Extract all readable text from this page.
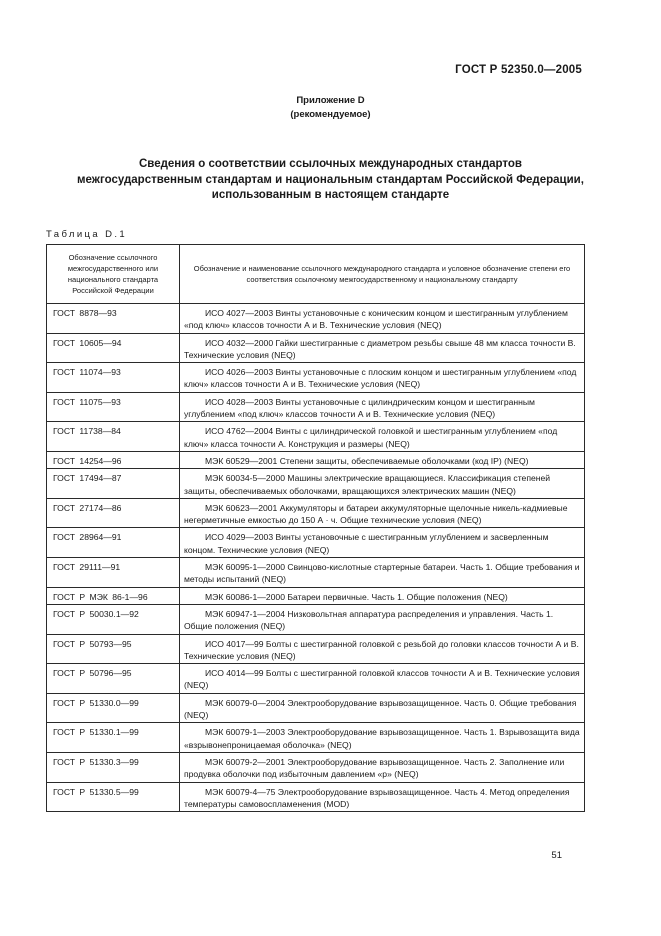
ГОСТ Р 52350.0—2005
Приложение D
(рекомендуемое)
Сведения о соответствии ссылочных международных стандартов
межгосударственным стандартам и национальным стандартам Российской Федерации,
использованным в настоящем стандарте
Таблица D.1
Обозначение ссылочного межгосударственного или национального стандарта Российской Федерации	Обозначение и наименование ссылочного международного стандарта и условное обозначение степени его соответствия ссылочному межгосударственному и национальному стандарту
ГОСТ 8878—93	ИСО 4027—2003 Винты установочные с коническим концом и шестигранным углублением «под ключ» классов точности А и В. Технические условия (NEQ)
ГОСТ 10605—94	ИСО 4032—2000 Гайки шестигранные с диаметром резьбы свыше 48 мм класса точности В. Технические условия (NEQ)
ГОСТ 11074—93	ИСО 4026—2003 Винты установочные с плоским концом и шестигранным углублением «под ключ» классов точности А и В. Технические условия (NEQ)
ГОСТ 11075—93	ИСО 4028—2003 Винты установочные с цилиндрическим концом и шестигранным углублением «под ключ» классов точности А и В. Технические условия (NEQ)
ГОСТ 11738—84	ИСО 4762—2004 Винты с цилиндрической головкой и шестигранным углублением «под ключ» класса точности А. Конструкция и размеры (NEQ)
ГОСТ 14254—96	МЭК 60529—2001 Степени защиты, обеспечиваемые оболочками (код IP) (NEQ)
ГОСТ 17494—87	МЭК 60034-5—2000 Машины электрические вращающиеся. Классификация степеней защиты, обеспечиваемых оболочками, вращающихся электрических машин (NEQ)
ГОСТ 27174—86	МЭК 60623—2001 Аккумуляторы и батареи аккумуляторные щелочные никель-кадмиевые негерметичные емкостью до 150 А · ч. Общие технические условия (NEQ)
ГОСТ 28964—91	ИСО 4029—2003 Винты установочные с шестигранным углублением и засверленным концом. Технические условия (NEQ)
ГОСТ 29111—91	МЭК 60095-1—2000 Свинцово-кислотные стартерные батареи. Часть 1. Общие требования и методы испытаний (NEQ)
ГОСТ Р МЭК 86-1—96	МЭК 60086-1—2000 Батареи первичные. Часть 1. Общие положения (NEQ)
ГОСТ Р 50030.1—92	МЭК 60947-1—2004 Низковольтная аппаратура распределения и управления. Часть 1. Общие положения (NEQ)
ГОСТ Р 50793—95	ИСО 4017—99 Болты с шестигранной головкой с резьбой до головки классов точности А и В. Технические условия (NEQ)
ГОСТ Р 50796—95	ИСО 4014—99 Болты с шестигранной головкой классов точности А и В. Технические условия (NEQ)
ГОСТ Р 51330.0—99	МЭК 60079-0—2004 Электрооборудование взрывозащищенное. Часть 0. Общие требования (NEQ)
ГОСТ Р 51330.1—99	МЭК 60079-1—2003 Электрооборудование взрывозащищенное. Часть 1. Взрывозащита вида «взрывонепроницаемая оболочка» (NEQ)
ГОСТ Р 51330.3—99	МЭК 60079-2—2001 Электрооборудование взрывозащищенное. Часть 2. Заполнение или продувка оболочки под избыточным давлением «p» (NEQ)
ГОСТ Р 51330.5—99	МЭК 60079-4—75 Электрооборудование взрывозащищенное. Часть 4. Метод определения температуры самовоспламенения (MOD)
51
